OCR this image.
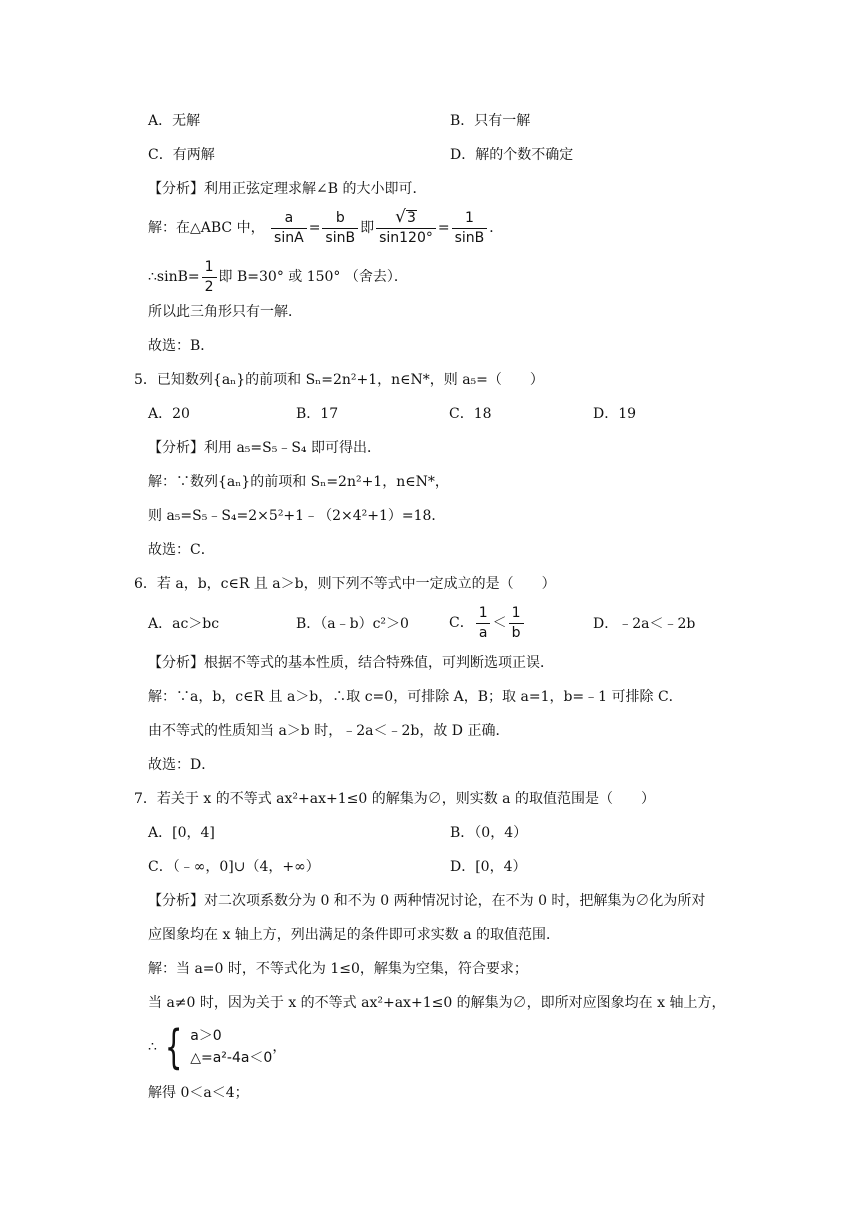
A．无解	B．只有一解
C．有两解	D．解的个数不确定
【分析】利用正弦定理求解∠B 的大小即可．
解：在△ABC 中， $\frac{a}{\sin A} = \frac{b}{\sin B}$ 即 $\frac{√ 3}{\sin 120^\circ} = \frac{1}{\sin B}$ ．
∴sinB= $\frac{1}{2}$ 即 B=30° 或 150° （舍去）．
所以此三角形只有一解．
故选：B．
5．已知数列{aₙ}的前项和 Sₙ=2n²+1，n∈N*，则 a₅=（　　）
A．20	B．17	C．18	D．19
【分析】利用 a₅=S₅﹣S₄ 即可得出．
解：∵数列{aₙ}的前项和 Sₙ=2n²+1，n∈N*，
则 a₅=S₅﹣S₄=2×5²+1﹣（2×4²+1）=18．
故选：C．
6．若 a，b，c∈R 且 a＞b，则下列不等式中一定成立的是（　　）
A．ac＞bc	B．（a﹣b）c²＞0	C． $\frac{1}{a} < \frac{1}{b}$	D．﹣2a＜﹣2b
【分析】根据不等式的基本性质，结合特殊值，可判断选项正误．
解：∵a，b，c∈R 且 a＞b，∴取 c=0，可排除 A，B；取 a=1，b=﹣1 可排除 C．
由不等式的性质知当 a＞b 时，﹣2a＜﹣2b，故 D 正确．
故选：D．
7．若关于 x 的不等式 ax²+ax+1≤0 的解集为∅，则实数 a 的取值范围是（　　）
A．[0，4]	B．（0，4）
C．（﹣∞，0]∪（4，+∞）	D．[0，4）
【分析】对二次项系数分为 0 和不为 0 两种情况讨论，在不为 0 时，把解集为∅化为所对
应图象均在 x 轴上方，列出满足的条件即可求实数 a 的取值范围．
解：当 a=0 时，不等式化为 1≤0，解集为空集，符合要求；
当 a≠0 时，因为关于 x 的不等式 ax²+ax+1≤0 的解集为∅，即所对应图象均在 x 轴上方，
∴ { a＞0
△=a²-4a＜0
，
解得 0＜a＜4；
